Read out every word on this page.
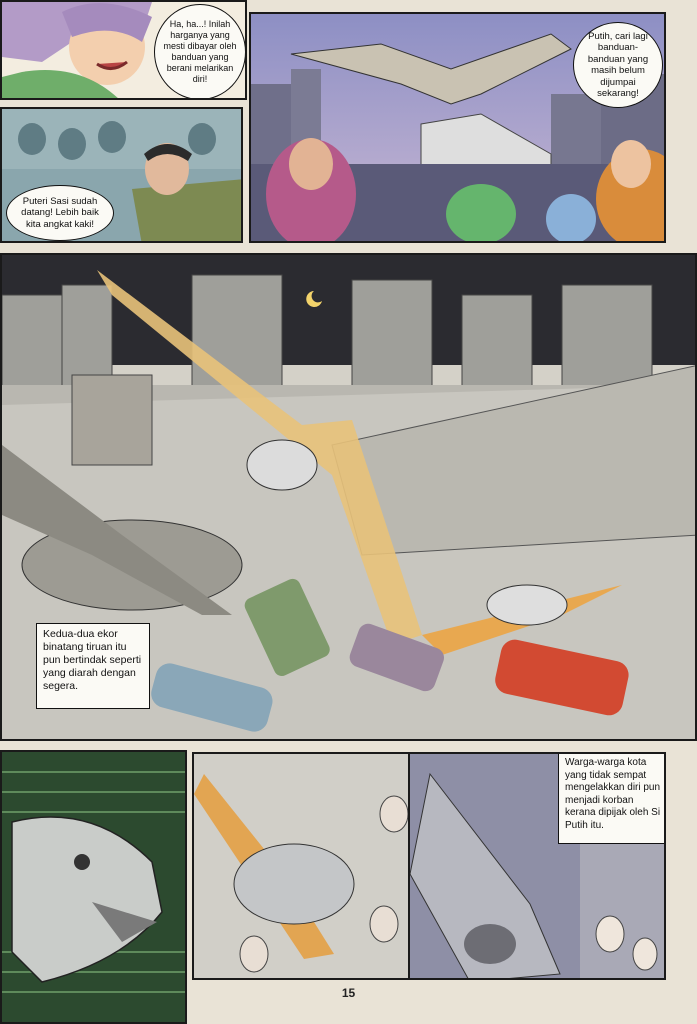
Ha, ha...! Inilah harganya yang mesti dibayar oleh banduan yang berani melarikan diri!
Putih, cari lagi banduan-banduan yang masih belum dijumpai sekarang!
Puteri Sasi sudah datang! Lebih baik kita angkat kaki!
Kedua-dua ekor binatang tiruan itu pun bertindak seperti yang diarah dengan segera.
Warga-warga kota yang tidak sempat mengelakkan diri pun menjadi korban kerana dipijak oleh Si Putih itu.
15
